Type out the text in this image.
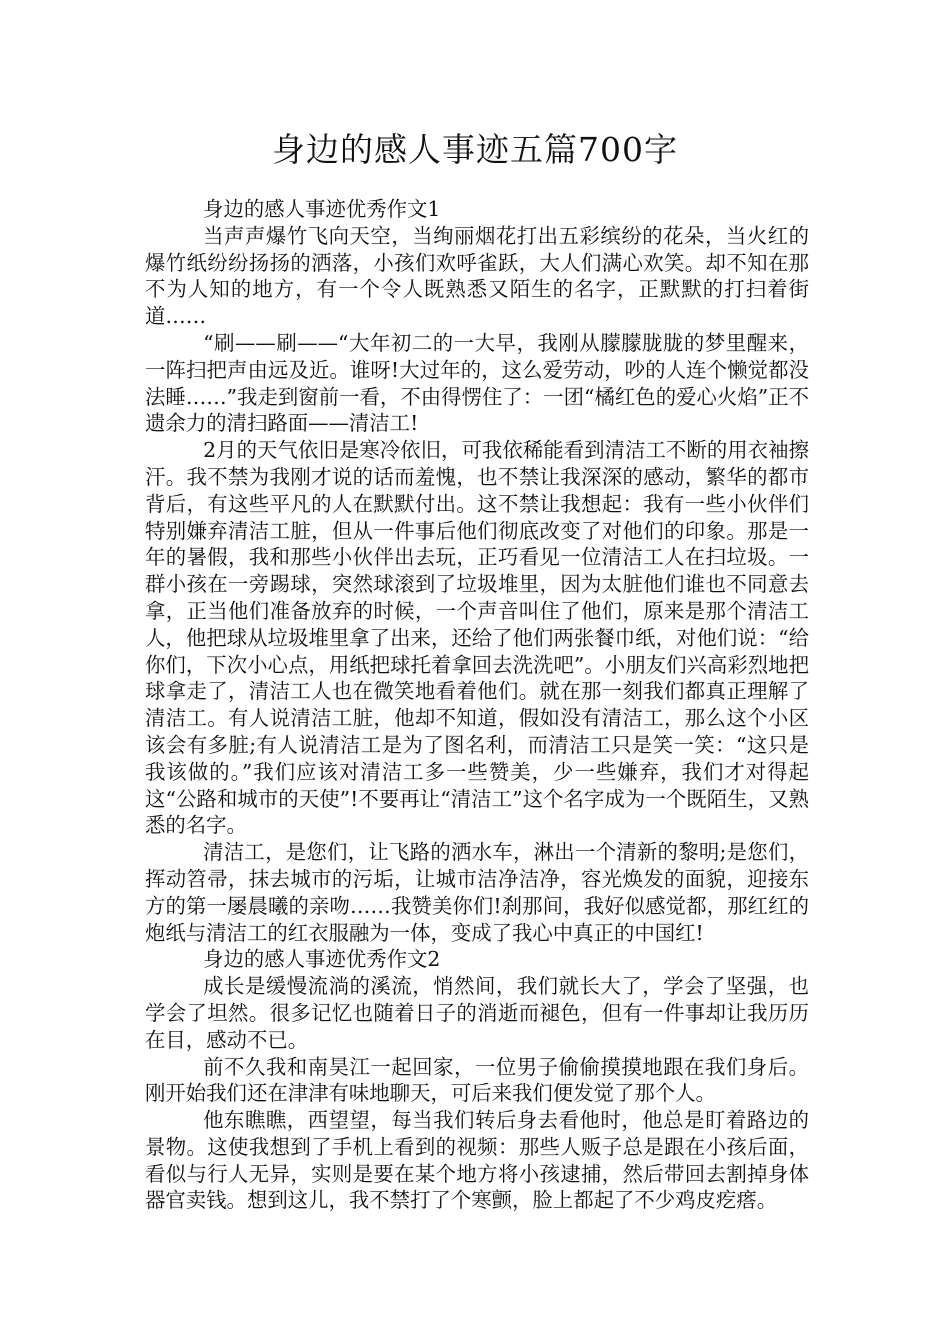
身边的感人事迹五篇700字

身边的感人事迹优秀作文1

当声声爆竹飞向天空，当绚丽烟花打出五彩缤纷的花朵，当火红的爆竹纸纷纷扬扬的洒落，小孩们欢呼雀跃，大人们满心欢笑。却不知在那不为人知的地方，有一个令人既熟悉又陌生的名字，正默默的打扫着街道……

“刷——刷——“大年初二的一大早，我刚从朦朦胧胧的梦里醒来，一阵扫把声由远及近。谁呀!大过年的，这么爱劳动，吵的人连个懒觉都没法睡……”我走到窗前一看，不由得愣住了：一团“橘红色的爱心火焰”正不遗余力的清扫路面——清洁工!

2月的天气依旧是寒冷依旧，可我依稀能看到清洁工不断的用衣袖擦汗。我不禁为我刚才说的话而羞愧，也不禁让我深深的感动，繁华的都市背后，有这些平凡的人在默默付出。这不禁让我想起：我有一些小伙伴们特别嫌弃清洁工脏，但从一件事后他们彻底改变了对他们的印象。那是一年的暑假，我和那些小伙伴出去玩，正巧看见一位清洁工人在扫垃圾。一群小孩在一旁踢球，突然球滚到了垃圾堆里，因为太脏他们谁也不同意去拿，正当他们准备放弃的时候，一个声音叫住了他们，原来是那个清洁工人，他把球从垃圾堆里拿了出来，还给了他们两张餐巾纸，对他们说：“给你们，下次小心点，用纸把球托着拿回去洗洗吧”。小朋友们兴高彩烈地把球拿走了，清洁工人也在微笑地看着他们。就在那一刻我们都真正理解了清洁工。有人说清洁工脏，他却不知道，假如没有清洁工，那么这个小区该会有多脏;有人说清洁工是为了图名利，而清洁工只是笑一笑：“这只是我该做的。”我们应该对清洁工多一些赞美，少一些嫌弃，我们才对得起这“公路和城市的天使”!不要再让“清洁工”这个名字成为一个既陌生，又熟悉的名字。

清洁工，是您们，让飞路的洒水车，淋出一个清新的黎明;是您们，挥动笤帚，抹去城市的污垢，让城市洁净洁净，容光焕发的面貌，迎接东方的第一屡晨曦的亲吻……我赞美你们!刹那间，我好似感觉都，那红红的炮纸与清洁工的红衣服融为一体，变成了我心中真正的中国红!

身边的感人事迹优秀作文2

成长是缓慢流淌的溪流，悄然间，我们就长大了，学会了坚强，也学会了坦然。很多记忆也随着日子的消逝而褪色，但有一件事却让我历历在目，感动不已。

前不久我和南昊江一起回家，一位男子偷偷摸摸地跟在我们身后。刚开始我们还在津津有味地聊天，可后来我们便发觉了那个人。

他东瞧瞧，西望望，每当我们转后身去看他时，他总是盯着路边的景物。这使我想到了手机上看到的视频：那些人贩子总是跟在小孩后面，看似与行人无异，实则是要在某个地方将小孩逮捕，然后带回去割掉身体器官卖钱。想到这儿，我不禁打了个寒颤，脸上都起了不少鸡皮疙瘩。
